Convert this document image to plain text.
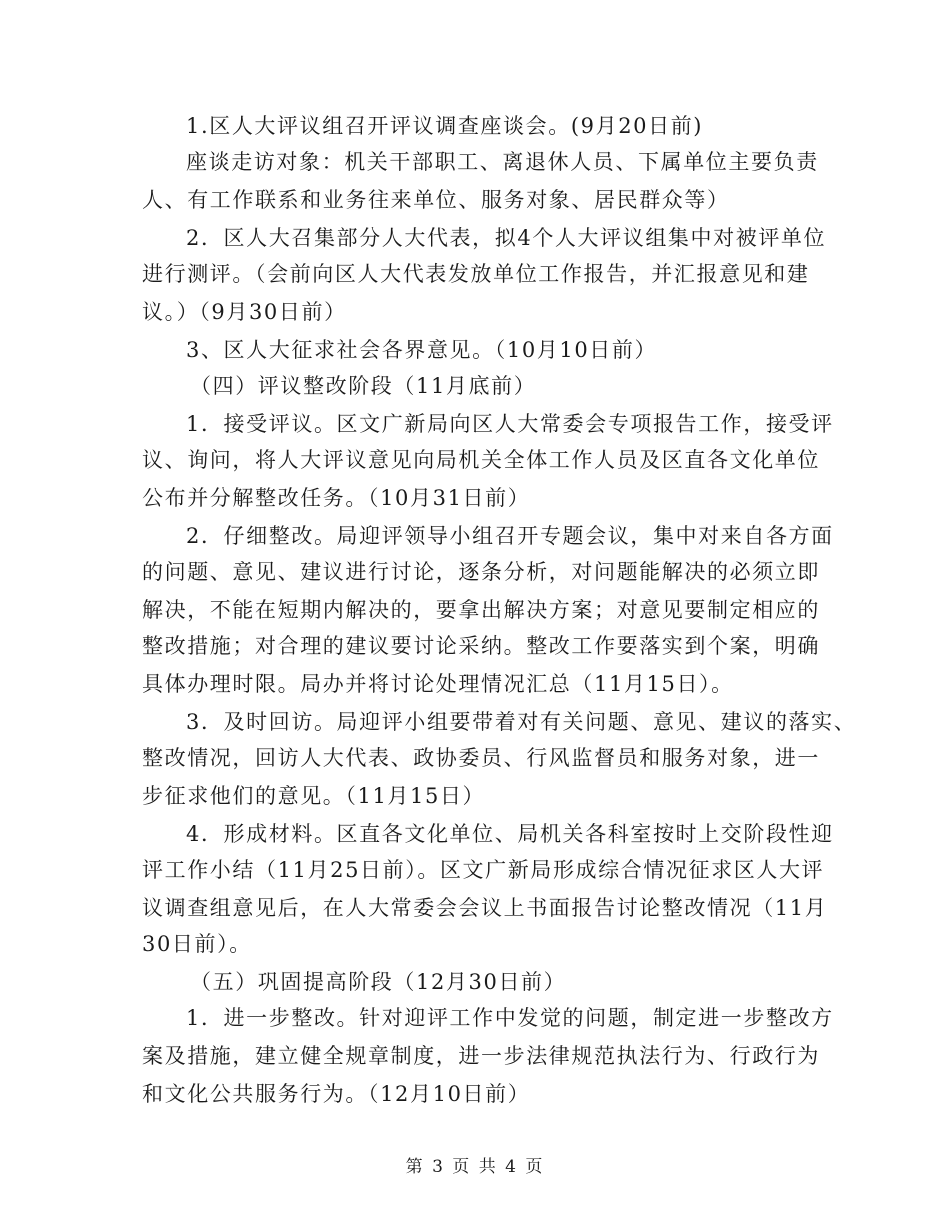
1.区人大评议组召开评议调查座谈会。(9月20日前)
座谈走访对象：机关干部职工、离退休人员、下属单位主要负责
人、有工作联系和业务往来单位、服务对象、居民群众等）
2．区人大召集部分人大代表，拟4个人大评议组集中对被评单位
进行测评。（会前向区人大代表发放单位工作报告，并汇报意见和建
议。）（9月30日前）
3、区人大征求社会各界意见。（10月10日前）
（四）评议整改阶段（11月底前）
1．接受评议。区文广新局向区人大常委会专项报告工作，接受评
议、询问，将人大评议意见向局机关全体工作人员及区直各文化单位
公布并分解整改任务。（10月31日前）
2．仔细整改。局迎评领导小组召开专题会议，集中对来自各方面
的问题、意见、建议进行讨论，逐条分析，对问题能解决的必须立即
解决，不能在短期内解决的，要拿出解决方案；对意见要制定相应的
整改措施；对合理的建议要讨论采纳。整改工作要落实到个案，明确
具体办理时限。局办并将讨论处理情况汇总（11月15日）。
3．及时回访。局迎评小组要带着对有关问题、意见、建议的落实、
整改情况，回访人大代表、政协委员、行风监督员和服务对象，进一
步征求他们的意见。（11月15日）
4．形成材料。区直各文化单位、局机关各科室按时上交阶段性迎
评工作小结（11月25日前）。区文广新局形成综合情况征求区人大评
议调查组意见后，在人大常委会会议上书面报告讨论整改情况（11月
30日前）。
（五）巩固提高阶段（12月30日前）
1．进一步整改。针对迎评工作中发觉的问题，制定进一步整改方
案及措施，建立健全规章制度，进一步法律规范执法行为、行政行为
和文化公共服务行为。（12月10日前）
第 3 页 共 4 页
